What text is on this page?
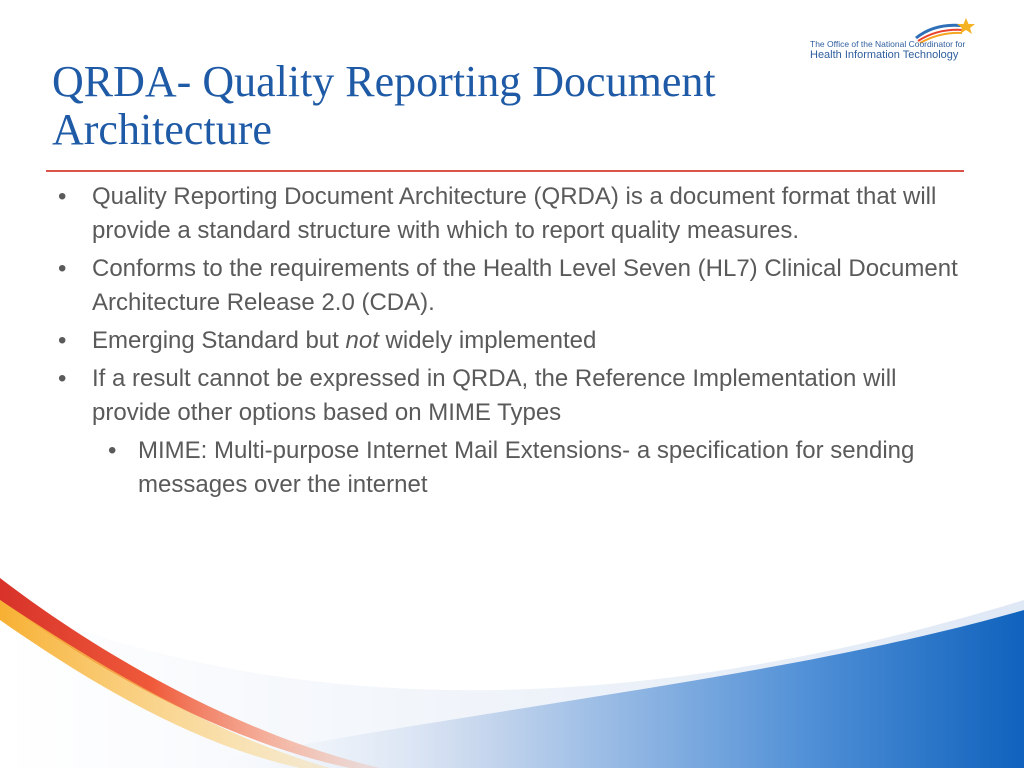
The Office of the National Coordinator for
Health Information Technology
QRDA- Quality Reporting Document Architecture
• Quality Reporting Document Architecture (QRDA) is a document format that will provide a standard structure with which to report quality measures.
• Conforms to the requirements of the Health Level Seven (HL7) Clinical Document Architecture Release 2.0 (CDA).
• Emerging Standard but not widely implemented
• If a result cannot be expressed in QRDA, the Reference Implementation will provide other options based on MIME Types
• MIME: Multi-purpose Internet Mail Extensions- a specification for sending messages over the internet
